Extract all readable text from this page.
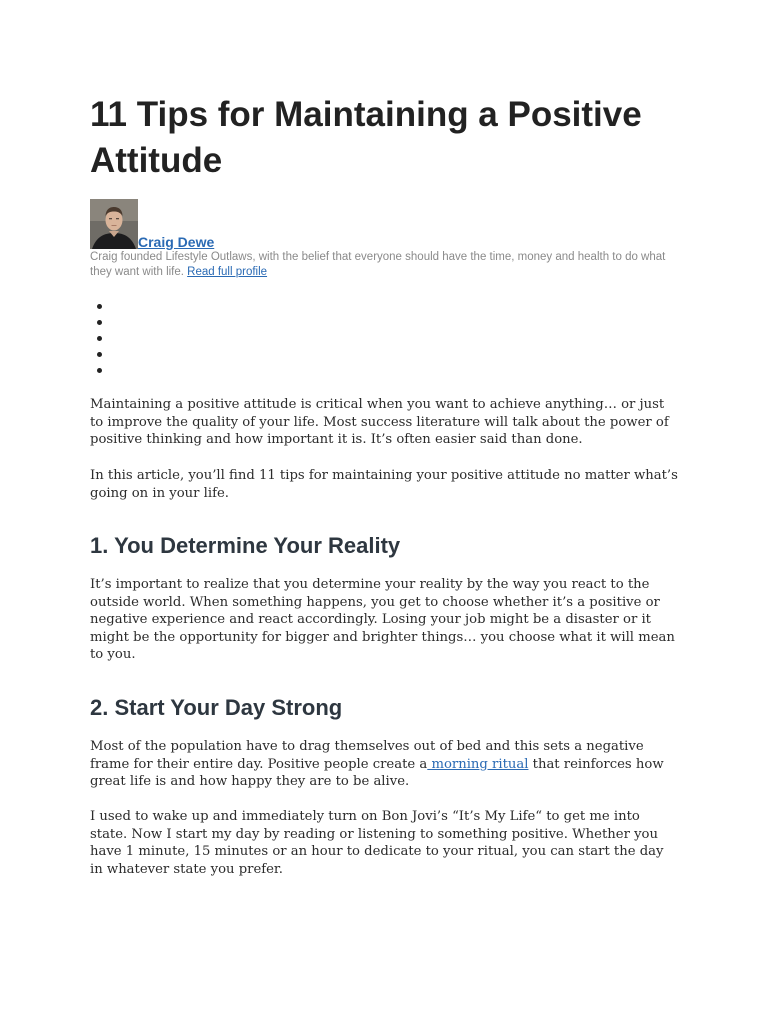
11 Tips for Maintaining a Positive Attitude
Craig Dewe
Craig founded Lifestyle Outlaws, with the belief that everyone should have the time, money and health to do what they want with life. Read full profile

Maintaining a positive attitude is critical when you want to achieve anything… or just to improve the quality of your life. Most success literature will talk about the power of positive thinking and how important it is. It’s often easier said than done.

In this article, you’ll find 11 tips for maintaining your positive attitude no matter what’s going on in your life.

1. You Determine Your Reality

It’s important to realize that you determine your reality by the way you react to the outside world. When something happens, you get to choose whether it’s a positive or negative experience and react accordingly. Losing your job might be a disaster or it might be the opportunity for bigger and brighter things… you choose what it will mean to you.

2. Start Your Day Strong

Most of the population have to drag themselves out of bed and this sets a negative frame for their entire day. Positive people create a morning ritual that reinforces how great life is and how happy they are to be alive.

I used to wake up and immediately turn on Bon Jovi’s “It’s My Life“ to get me into state. Now I start my day by reading or listening to something positive. Whether you have 1 minute, 15 minutes or an hour to dedicate to your ritual, you can start the day in whatever state you prefer.
